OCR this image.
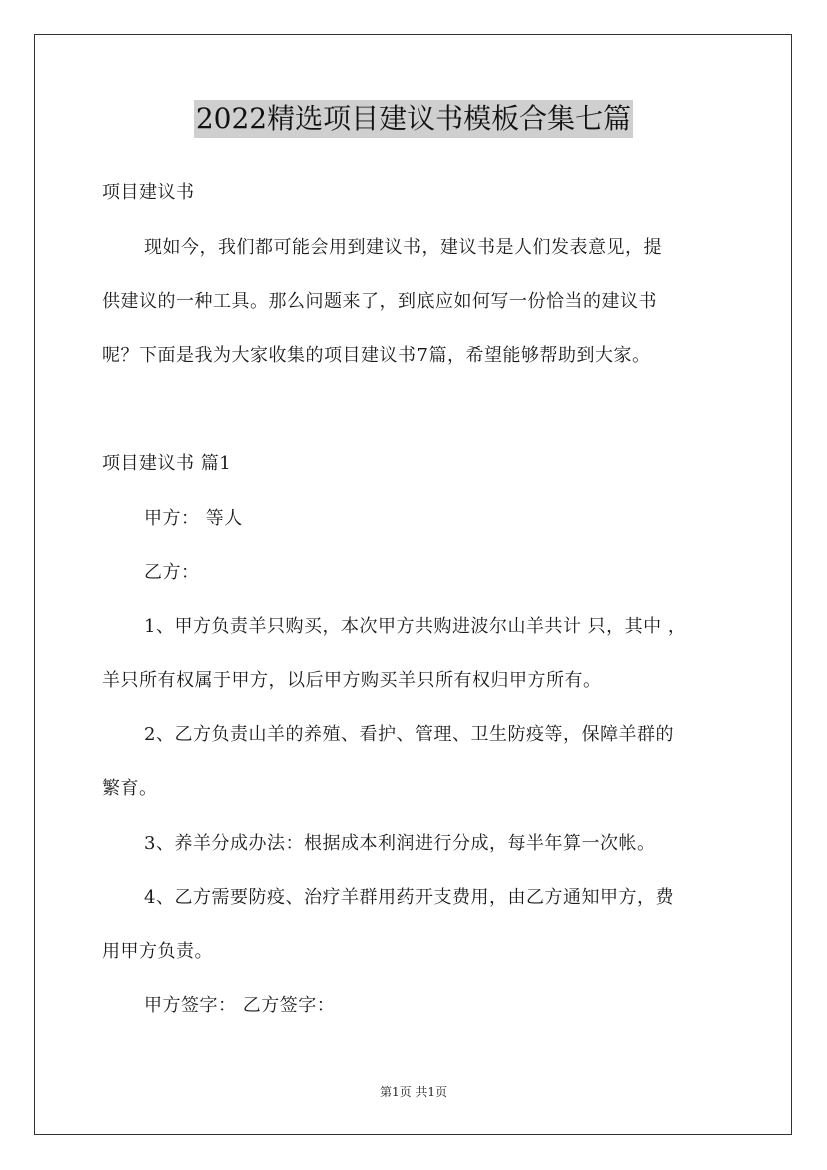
2022精选项目建议书模板合集七篇
项目建议书
现如今，我们都可能会用到建议书，建议书是人们发表意见，提
供建议的一种工具。那么问题来了，到底应如何写一份恰当的建议书
呢？下面是我为大家收集的项目建议书7篇，希望能够帮助到大家。
项目建议书 篇1
甲方： 等人
乙方：
1、甲方负责羊只购买，本次甲方共购进波尔山羊共计 只，其中 ，
羊只所有权属于甲方，以后甲方购买羊只所有权归甲方所有。
2、乙方负责山羊的养殖、看护、管理、卫生防疫等，保障羊群的
繁育。
3、养羊分成办法：根据成本利润进行分成，每半年算一次帐。
4、乙方需要防疫、治疗羊群用药开支费用，由乙方通知甲方，费
用甲方负责。
甲方签字： 乙方签字：
第1页 共1页
